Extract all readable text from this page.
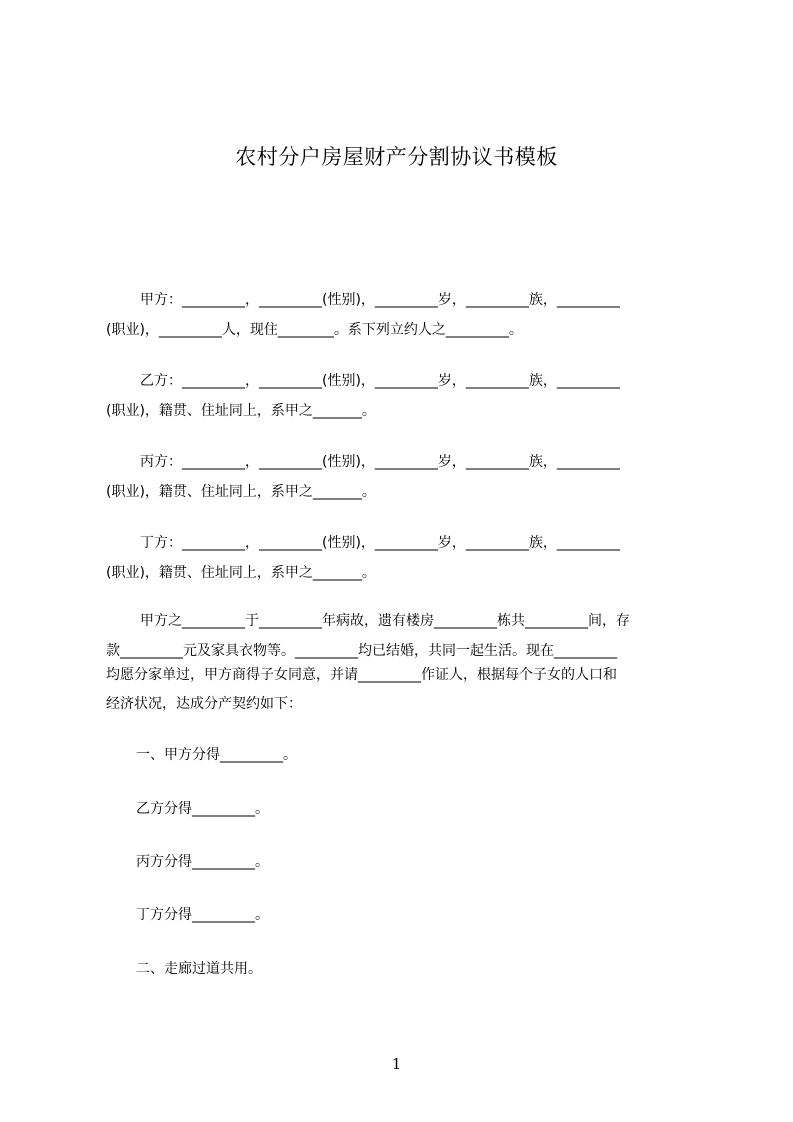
农村分户房屋财产分割协议书模板
甲方：_________，_________(性别)，_________岁，_________族，_________
(职业)，_________人，现住________。系下列立约人之_________。
乙方：_________，_________(性别)，_________岁，_________族，_________
(职业)，籍贯、住址同上，系甲之_______。
丙方：_________，_________(性别)，_________岁，_________族，_________
(职业)，籍贯、住址同上，系甲之_______。
丁方：_________，_________(性别)，_________岁，_________族，_________
(职业)，籍贯、住址同上，系甲之_______。
甲方之_________于_________年病故，遗有楼房_________栋共_________间，存
款_________元及家具衣物等。_________均已结婚，共同一起生活。现在_________
均愿分家单过，甲方商得子女同意，并请_________作证人，根据每个子女的人口和
经济状况，达成分产契约如下：
一、甲方分得_________。
乙方分得_________。
丙方分得_________。
丁方分得_________。
二、走廊过道共用。
1
